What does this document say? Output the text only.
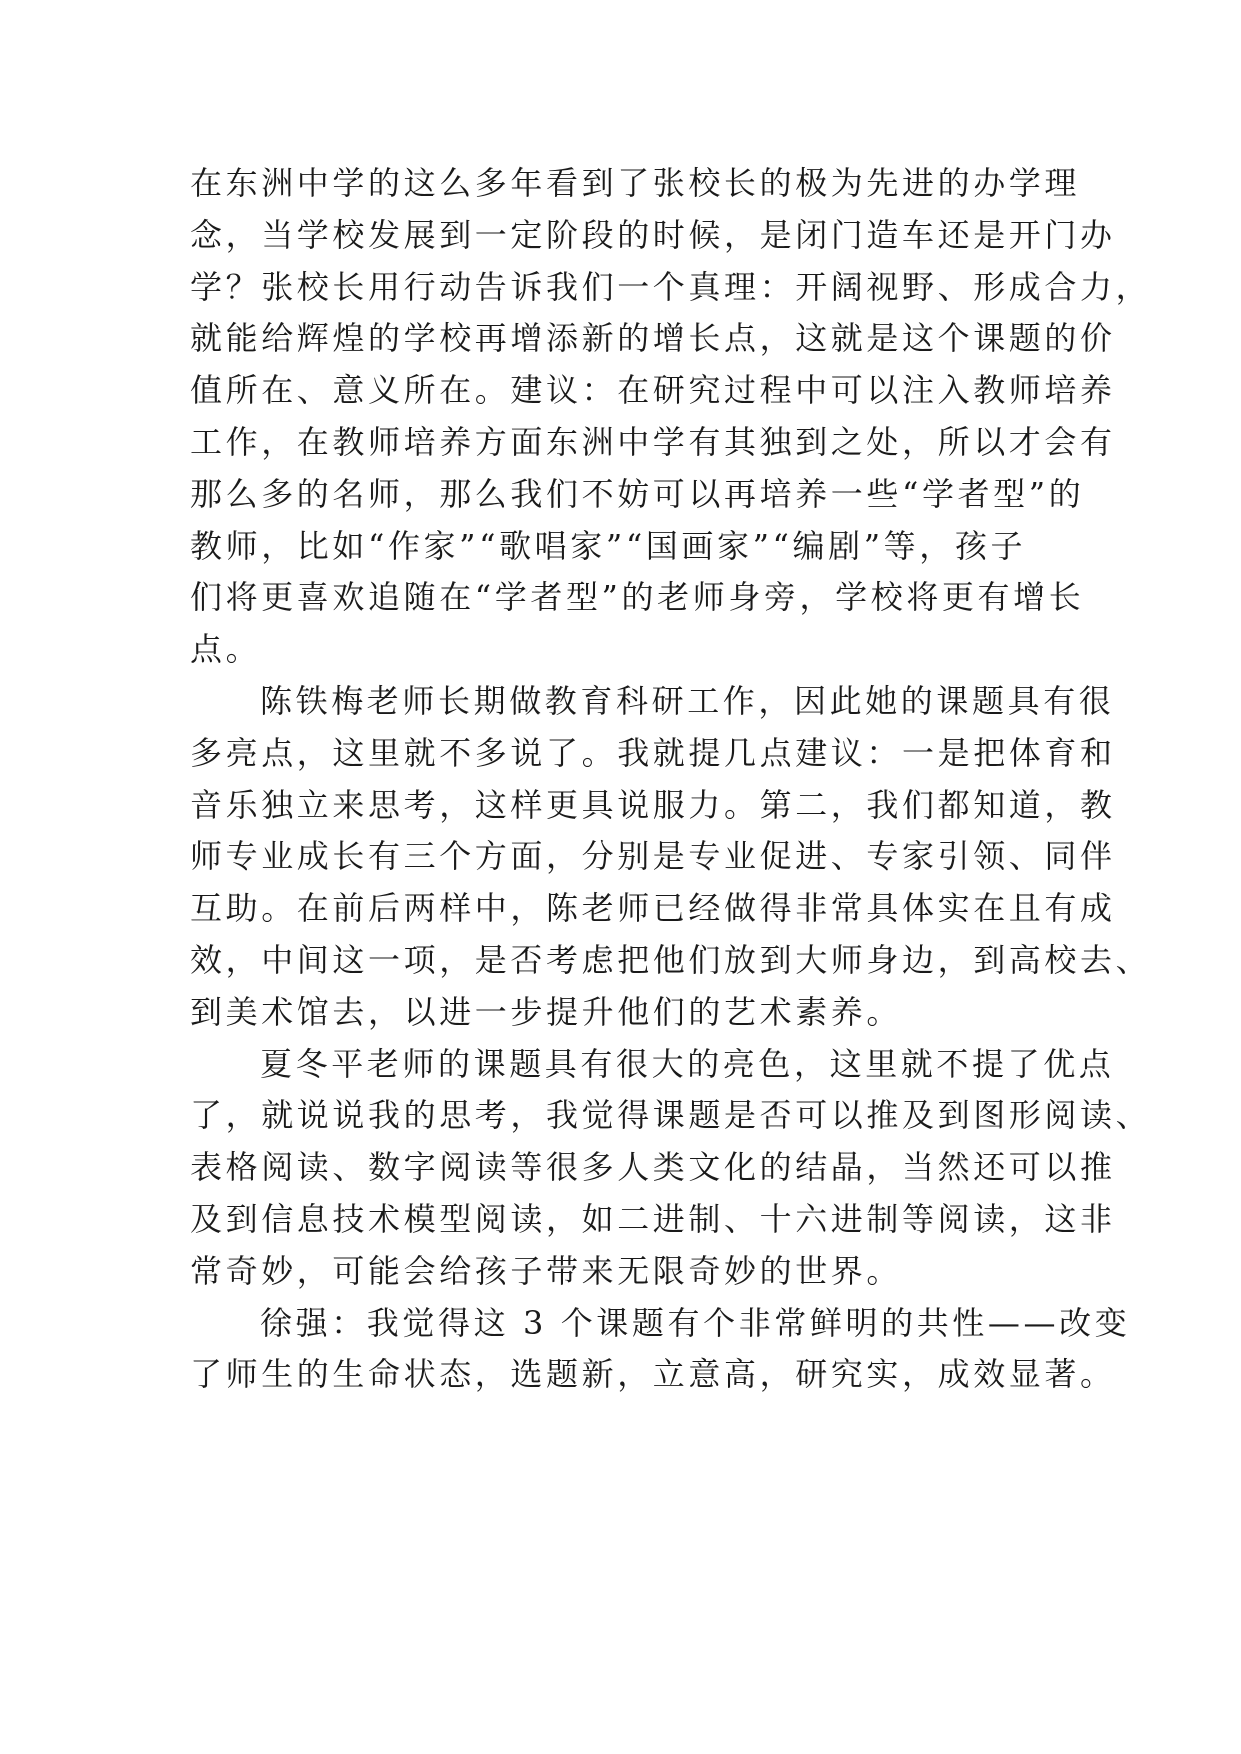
在东洲中学的这么多年看到了张校长的极为先进的办学理
念，当学校发展到一定阶段的时候，是闭门造车还是开门办
学？张校长用行动告诉我们一个真理：开阔视野、形成合力，
就能给辉煌的学校再增添新的增长点，这就是这个课题的价
值所在、意义所在。建议：在研究过程中可以注入教师培养
工作，在教师培养方面东洲中学有其独到之处，所以才会有
那么多的名师，那么我们不妨可以再培养一些“学者型”的
教师，比如“作家”“歌唱家”“国画家”“编剧”等，孩子
们将更喜欢追随在“学者型”的老师身旁，学校将更有增长
点。
陈铁梅老师长期做教育科研工作，因此她的课题具有很
多亮点，这里就不多说了。我就提几点建议：一是把体育和
音乐独立来思考，这样更具说服力。第二，我们都知道，教
师专业成长有三个方面，分别是专业促进、专家引领、同伴
互助。在前后两样中，陈老师已经做得非常具体实在且有成
效，中间这一项，是否考虑把他们放到大师身边，到高校去、
到美术馆去，以进一步提升他们的艺术素养。
夏冬平老师的课题具有很大的亮色，这里就不提了优点
了，就说说我的思考，我觉得课题是否可以推及到图形阅读、
表格阅读、数字阅读等很多人类文化的结晶，当然还可以推
及到信息技术模型阅读，如二进制、十六进制等阅读，这非
常奇妙，可能会给孩子带来无限奇妙的世界。
徐强：我觉得这 3 个课题有个非常鲜明的共性——改变
了师生的生命状态，选题新，立意高，研究实，成效显著。
